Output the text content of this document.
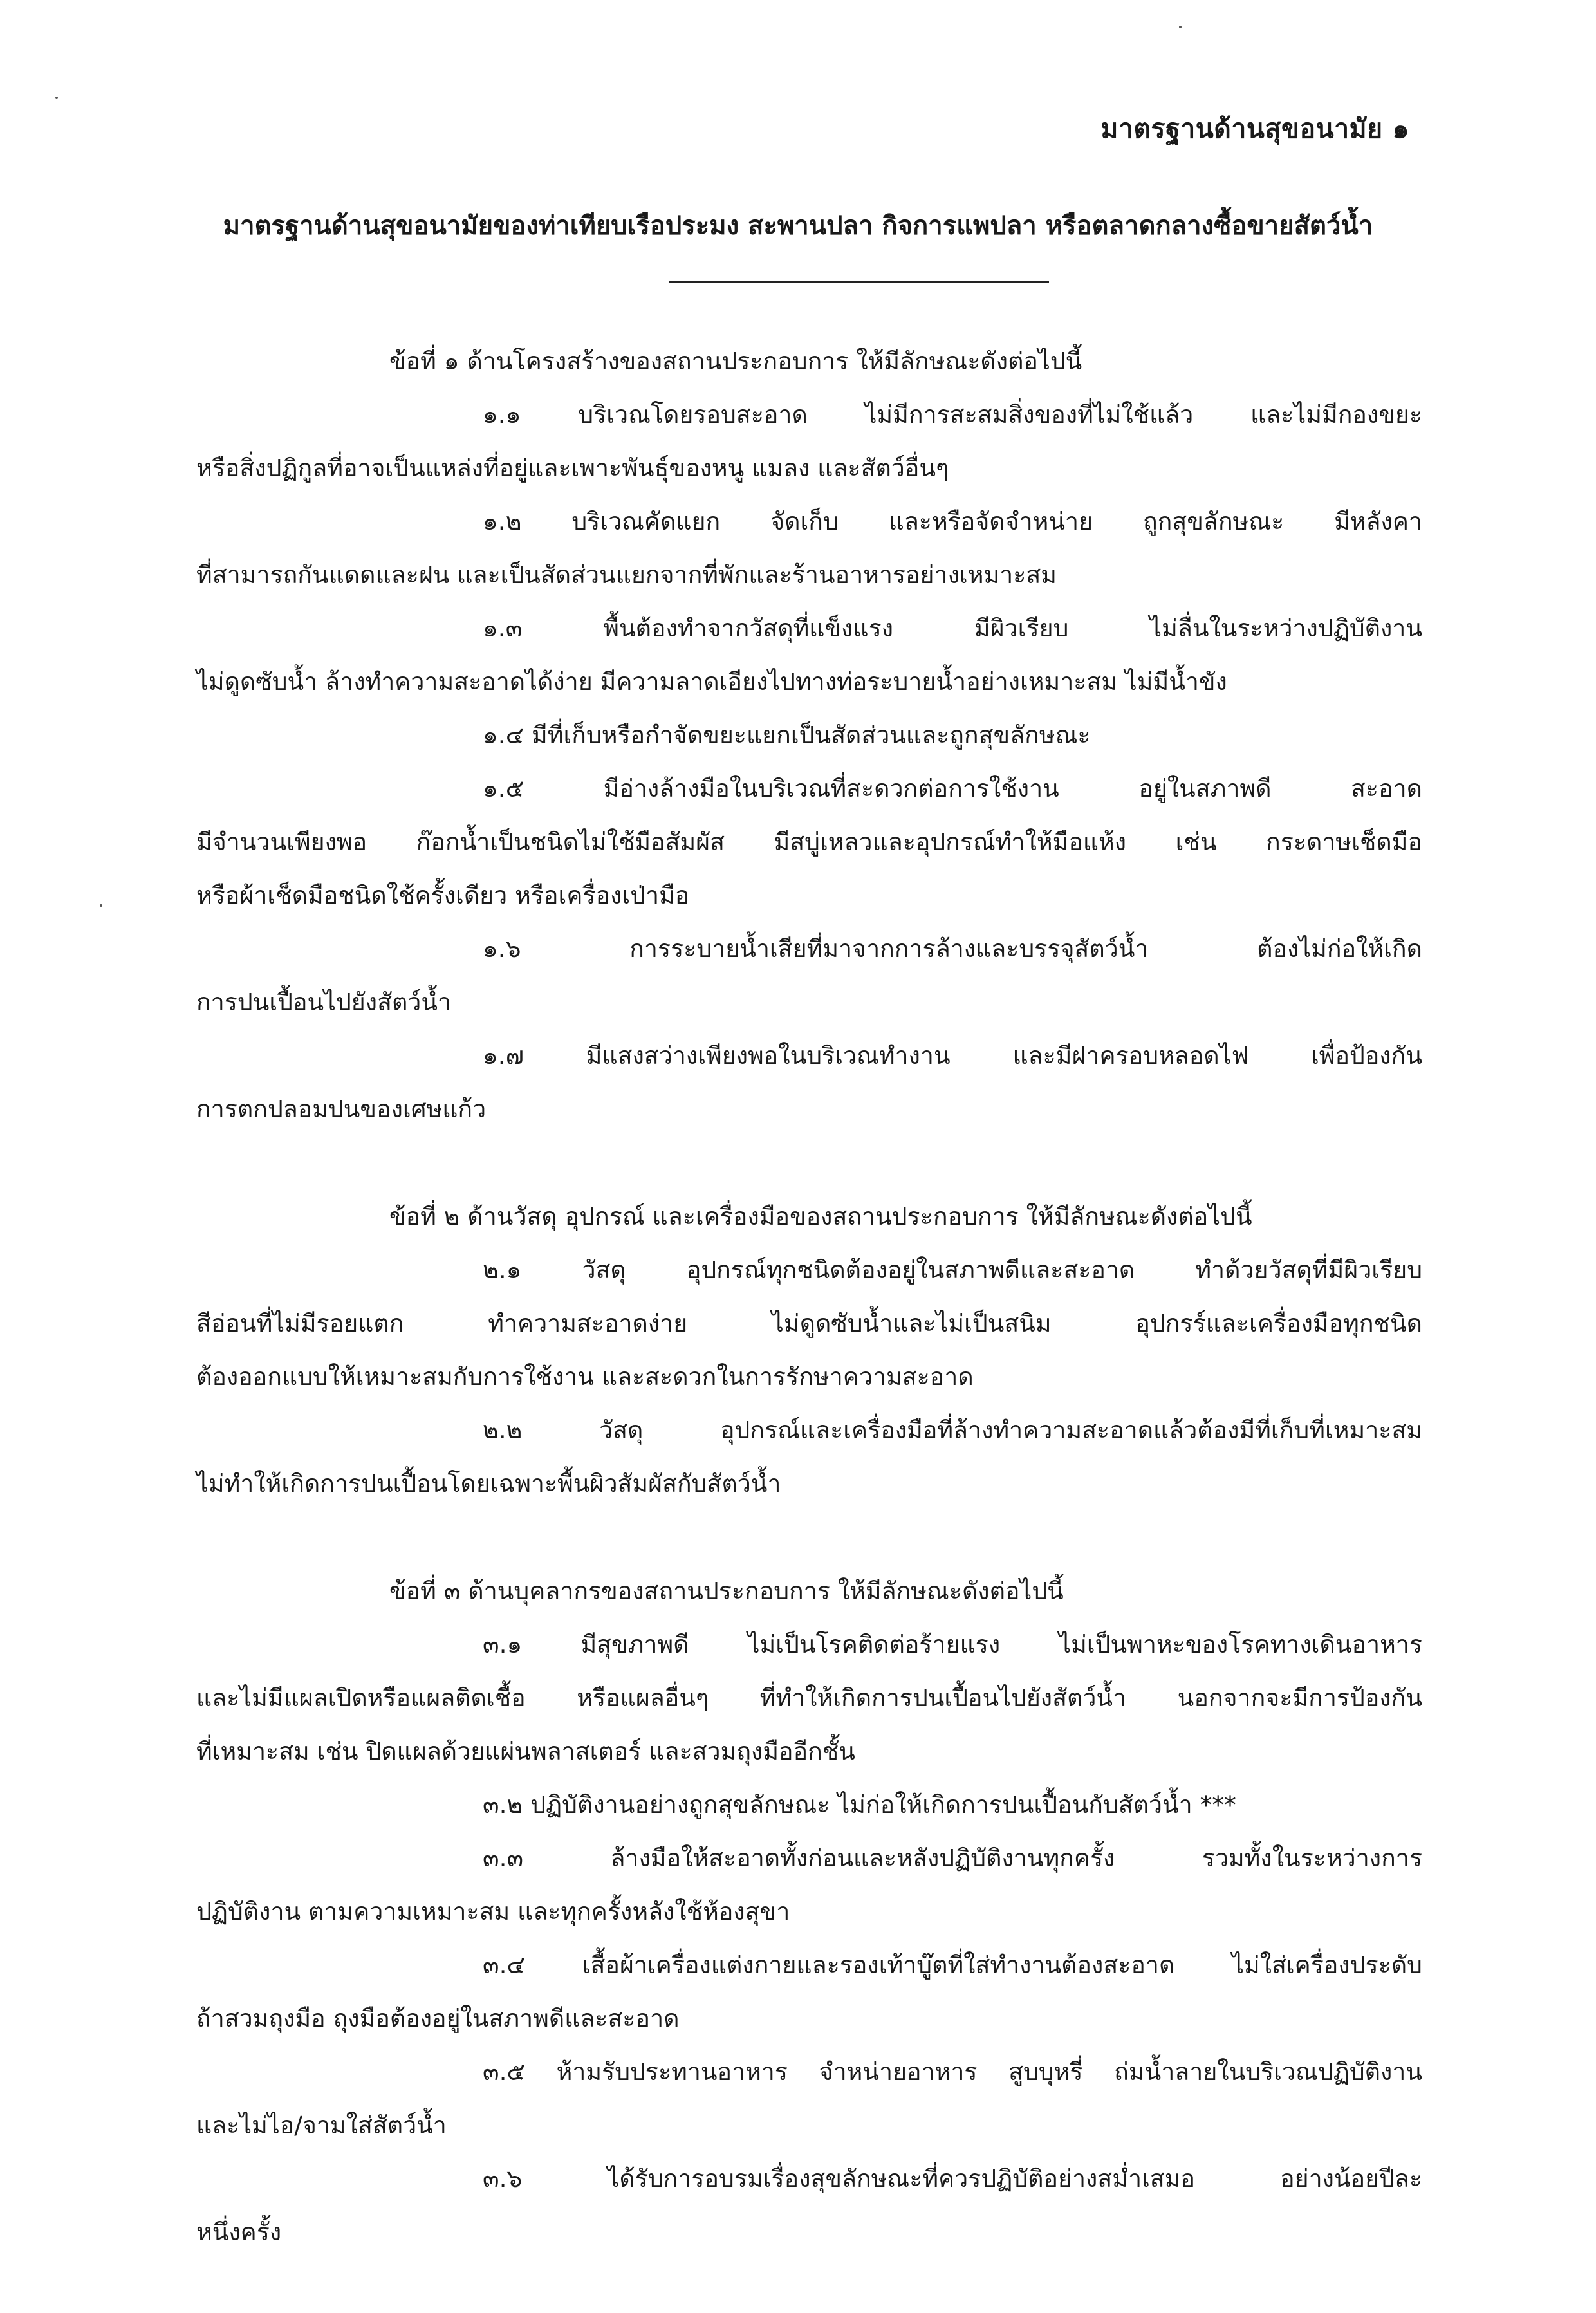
มาตรฐานด้านสุขอนามัย ๑
มาตรฐานด้านสุขอนามัยของท่าเทียบเรือประมง สะพานปลา กิจการแพปลา หรือตลาดกลางซื้อขายสัตว์น้ำ
ข้อที่ ๑ ด้านโครงสร้างของสถานประกอบการ ให้มีลักษณะดังต่อไปนี้
๑.๑ บริเวณโดยรอบสะอาด ไม่มีการสะสมสิ่งของที่ไม่ใช้แล้ว และไม่มีกองขยะ
หรือสิ่งปฏิกูลที่อาจเป็นแหล่งที่อยู่และเพาะพันธุ์ของหนู แมลง และสัตว์อื่นๆ
๑.๒ บริเวณคัดแยก จัดเก็บ และหรือจัดจำหน่าย ถูกสุขลักษณะ มีหลังคา
ที่สามารถกันแดดและฝน และเป็นสัดส่วนแยกจากที่พักและร้านอาหารอย่างเหมาะสม
๑.๓ พื้นต้องทำจากวัสดุที่แข็งแรง มีผิวเรียบ ไม่ลื่นในระหว่างปฏิบัติงาน
ไม่ดูดซับน้ำ ล้างทำความสะอาดได้ง่าย มีความลาดเอียงไปทางท่อระบายน้ำอย่างเหมาะสม ไม่มีน้ำขัง
๑.๔ มีที่เก็บหรือกำจัดขยะแยกเป็นสัดส่วนและถูกสุขลักษณะ
๑.๕ มีอ่างล้างมือในบริเวณที่สะดวกต่อการใช้งาน อยู่ในสภาพดี สะอาด
มีจำนวนเพียงพอ ก๊อกน้ำเป็นชนิดไม่ใช้มือสัมผัส มีสบู่เหลวและอุปกรณ์ทำให้มือแห้ง เช่น กระดาษเช็ดมือ
หรือผ้าเช็ดมือชนิดใช้ครั้งเดียว หรือเครื่องเป่ามือ
๑.๖ การระบายน้ำเสียที่มาจากการล้างและบรรจุสัตว์น้ำ ต้องไม่ก่อให้เกิด
การปนเปื้อนไปยังสัตว์น้ำ
๑.๗ มีแสงสว่างเพียงพอในบริเวณทำงาน และมีฝาครอบหลอดไฟ เพื่อป้องกัน
การตกปลอมปนของเศษแก้ว
ข้อที่ ๒ ด้านวัสดุ อุปกรณ์ และเครื่องมือของสถานประกอบการ ให้มีลักษณะดังต่อไปนี้
๒.๑ วัสดุ อุปกรณ์ทุกชนิดต้องอยู่ในสภาพดีและสะอาด ทำด้วยวัสดุที่มีผิวเรียบ
สีอ่อนที่ไม่มีรอยแตก ทำความสะอาดง่าย ไม่ดูดซับน้ำและไม่เป็นสนิม อุปกรร์และเครื่องมือทุกชนิด
ต้องออกแบบให้เหมาะสมกับการใช้งาน และสะดวกในการรักษาความสะอาด
๒.๒ วัสดุ อุปกรณ์และเครื่องมือที่ล้างทำความสะอาดแล้วต้องมีที่เก็บที่เหมาะสม
ไม่ทำให้เกิดการปนเปื้อนโดยเฉพาะพื้นผิวสัมผัสกับสัตว์น้ำ
ข้อที่ ๓ ด้านบุคลากรของสถานประกอบการ ให้มีลักษณะดังต่อไปนี้
๓.๑ มีสุขภาพดี ไม่เป็นโรคติดต่อร้ายแรง ไม่เป็นพาหะของโรคทางเดินอาหาร
และไม่มีแผลเปิดหรือแผลติดเชื้อ หรือแผลอื่นๆ ที่ทำให้เกิดการปนเปื้อนไปยังสัตว์น้ำ นอกจากจะมีการป้องกัน
ที่เหมาะสม เช่น ปิดแผลด้วยแผ่นพลาสเตอร์ และสวมถุงมืออีกชั้น
๓.๒ ปฏิบัติงานอย่างถูกสุขลักษณะ ไม่ก่อให้เกิดการปนเปื้อนกับสัตว์น้ำ ***
๓.๓ ล้างมือให้สะอาดทั้งก่อนและหลังปฏิบัติงานทุกครั้ง รวมทั้งในระหว่างการ
ปฏิบัติงาน ตามความเหมาะสม และทุกครั้งหลังใช้ห้องสุขา
๓.๔ เสื้อผ้าเครื่องแต่งกายและรองเท้าบู๊ตที่ใส่ทำงานต้องสะอาด ไม่ใส่เครื่องประดับ
ถ้าสวมถุงมือ ถุงมือต้องอยู่ในสภาพดีและสะอาด
๓.๕ ห้ามรับประทานอาหาร จำหน่ายอาหาร สูบบุหรี่ ถ่มน้ำลายในบริเวณปฏิบัติงาน
และไม่ไอ/จามใส่สัตว์น้ำ
๓.๖ ได้รับการอบรมเรื่องสุขลักษณะที่ควรปฏิบัติอย่างสม่ำเสมอ อย่างน้อยปีละ
หนึ่งครั้ง
